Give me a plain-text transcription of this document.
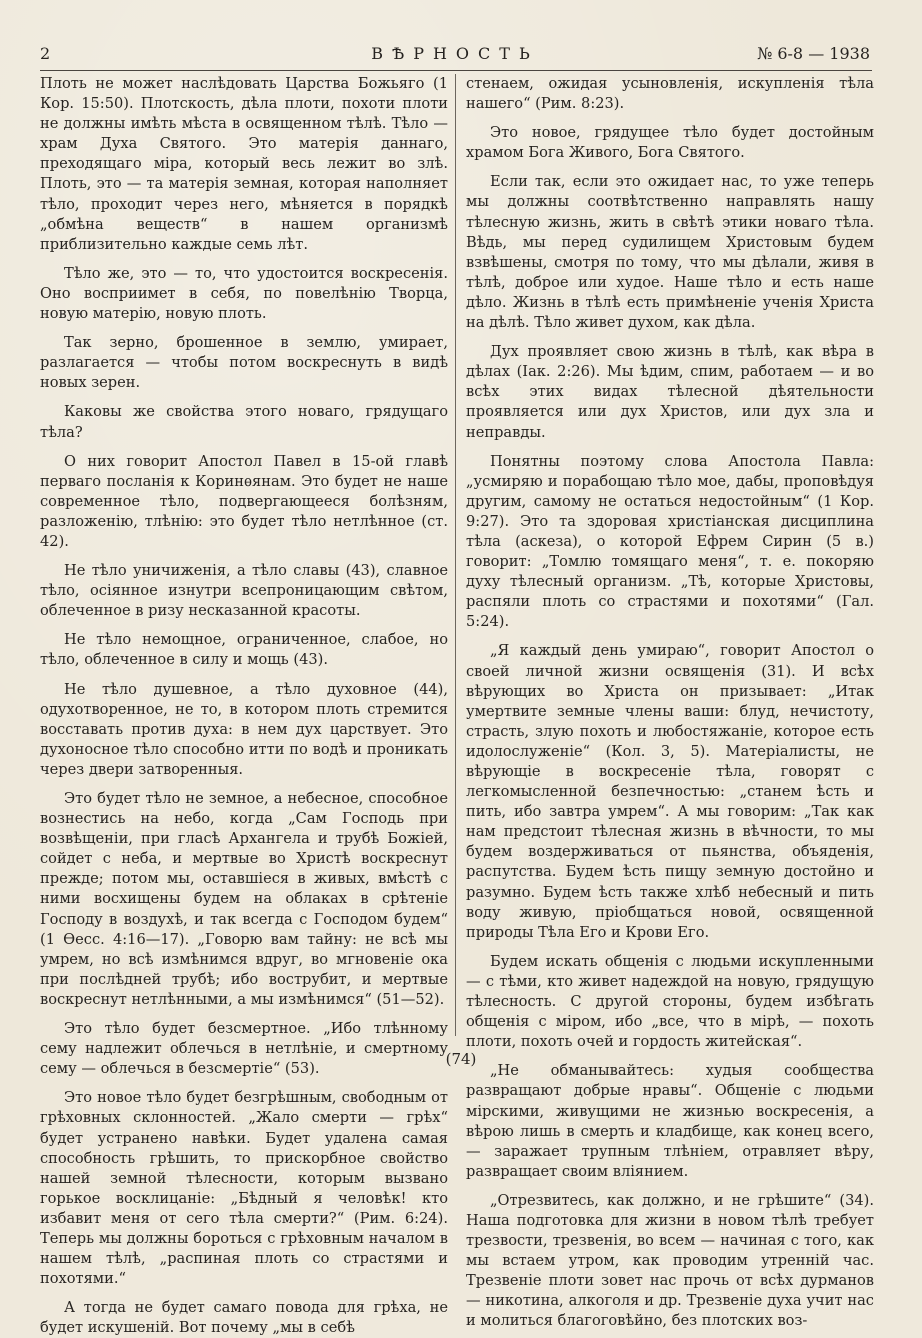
2	ВѢРНОСТЬ	№ 6-8 — 1938

Плоть не может наслѣдовать Царства Божьяго (1 Кор. 15:50). Плотскость, дѣла плоти, похоти плоти не должны имѣть мѣста в освященном тѣлѣ. Тѣло — храм Духа Святого. Это матерія даннаго, преходящаго міра, который весь лежит во злѣ. Плоть, это — та матерія земная, которая наполняет тѣло, проходит через него, мѣняется в порядкѣ „обмѣна веществ“ в нашем организмѣ приблизительно каждые семь лѣт.

Тѣло же, это — то, что удостоится воскресенія. Оно восприимет в себя, по повелѣнію Творца, новую матерію, новую плоть.

Так зерно, брошенное в землю, умирает, разлагается — чтобы потом воскреснуть в видѣ новых зерен.

Каковы же свойства этого новаго, грядущаго тѣла?

О них говорит Апостол Павел в 15-ой главѣ перваго посланія к Коринѳянам. Это будет не наше современное тѣло, подвергающееся болѣзням, разложенію, тлѣнію: это будет тѣло нетлѣнное (ст. 42).

Не тѣло уничиженія, а тѣло славы (43), славное тѣло, осіянное изнутри всепроницающим свѣтом, облеченное в ризу несказанной красоты.

Не тѣло немощное, ограниченное, слабое, но тѣло, облеченное в силу и мощь (43).

Не тѣло душевное, а тѣло духовное (44), одухотворенное, не то, в котором плоть стремится восставать против духа: в нем дух царствует. Это духоносное тѣло способно итти по водѣ и проникать через двери затворенныя.

Это будет тѣло не земное, а небесное, способное вознестись на небо, когда „Сам Господь при возвѣщеніи, при гласѣ Архангела и трубѣ Божіей, сойдет с неба, и мертвые во Христѣ воскреснут прежде; потом мы, оставшіеся в живых, вмѣстѣ с ними восхищены будем на облаках в срѣтеніе Господу в воздухѣ, и так всегда с Господом будем“ (1 Ѳесс. 4:16—17). „Говорю вам тайну: не всѣ мы умрем, но всѣ измѣнимся вдруг, во мгновеніе ока при послѣдней трубѣ; ибо вострубит, и мертвые воскреснут нетлѣнными, а мы измѣнимся“ (51—52).

Это тѣло будет безсмертное. „Ибо тлѣнному сему надлежит облечься в нетлѣніе, и смертному сему — облечься в безсмертіе“ (53).

Это новое тѣло будет безгрѣшным, свободным от грѣховных склонностей. „Жало смерти — грѣх“ будет устранено навѣки. Будет удалена самая способность грѣшить, то прискорбное свойство нашей земной тѣлесности, которым вызвано горькое восклицаніе: „Бѣдный я человѣк! кто избавит меня от сего тѣла смерти?“ (Рим. 6:24). Теперь мы должны бороться с грѣховным началом в нашем тѣлѣ, „распиная плоть со страстями и похотями.“

А тогда не будет самаго повода для грѣха, не будет искушеній. Вот почему „мы в себѣ

стенаем, ожидая усыновленія, искупленія тѣла нашего“ (Рим. 8:23).

Это новое, грядущее тѣло будет достойным храмом Бога Живого, Бога Святого.

Если так, если это ожидает нас, то уже теперь мы должны соотвѣтственно направлять нашу тѣлесную жизнь, жить в свѣтѣ этики новаго тѣла. Вѣдь, мы перед судилищем Христовым будем взвѣшены, смотря по тому, что мы дѣлали, живя в тѣлѣ, доброе или худое. Наше тѣло и есть наше дѣло. Жизнь в тѣлѣ есть примѣненіе ученія Христа на дѣлѣ. Тѣло живет духом, как дѣла.

Дух проявляет свою жизнь в тѣлѣ, как вѣра в дѣлах (Іак. 2:26). Мы ѣдим, спим, работаем — и во всѣх этих видах тѣлесной дѣятельности проявляется или дух Христов, или дух зла и неправды.

Понятны поэтому слова Апостола Павла: „усмиряю и порабощаю тѣло мое, дабы, проповѣдуя другим, самому не остаться недостойным“ (1 Кор. 9:27). Это та здоровая христіанская дисциплина тѣла (аскеза), о которой Ефрем Сирин (5 в.) говорит: „Томлю томящаго меня“, т. е. покоряю духу тѣлесный организм. „Тѣ, которые Христовы, распяли плоть со страстями и похотями“ (Гал. 5:24).

„Я каждый день умираю“, говорит Апостол о своей личной жизни освященія (31). И всѣх вѣрующих во Христа он призывает: „Итак умертвите земные члены ваши: блуд, нечистоту, страсть, злую похоть и любостяжаніе, которое есть идолослуженіе“ (Кол. 3, 5). Матеріалисты, не вѣрующіе в воскресеніе тѣла, говорят с легкомысленной безпечностью: „станем ѣсть и пить, ибо завтра умрем“. А мы говорим: „Так как нам предстоит тѣлесная жизнь в вѣчности, то мы будем воздерживаться от пьянства, объяденія, распутства. Будем ѣсть пищу земную достойно и разумно. Будем ѣсть также хлѣб небесный и пить воду живую, пріобщаться новой, освященной природы Тѣла Его и Крови Его.

Будем искать общенія с людьми искупленными — с тѣми, кто живет надеждой на новую, грядущую тѣлесность. С другой стороны, будем избѣгать общенія с міром, ибо „все, что в мірѣ, — похоть плоти, похоть очей и гордость житейская“.

„Не обманывайтесь: худыя сообщества развращают добрые нравы“. Общеніе с людьми мірскими, живущими не жизнью воскресенія, а вѣрою лишь в смерть и кладбище, как конец всего, — заражает трупным тлѣніем, отравляет вѣру, развращает своим вліянием.

„Отрезвитесь, как должно, и не грѣшите“ (34). Наша подготовка для жизни в новом тѣлѣ требует трезвости, трезвенія, во всем — начиная с того, как мы встаем утром, как проводим утренній час. Трезвеніе плоти зовет нас прочь от всѣх дурманов — никотина, алкоголя и др. Трезвеніе духа учит нас и молиться благоговѣйно, без плотских воз-

(74)
